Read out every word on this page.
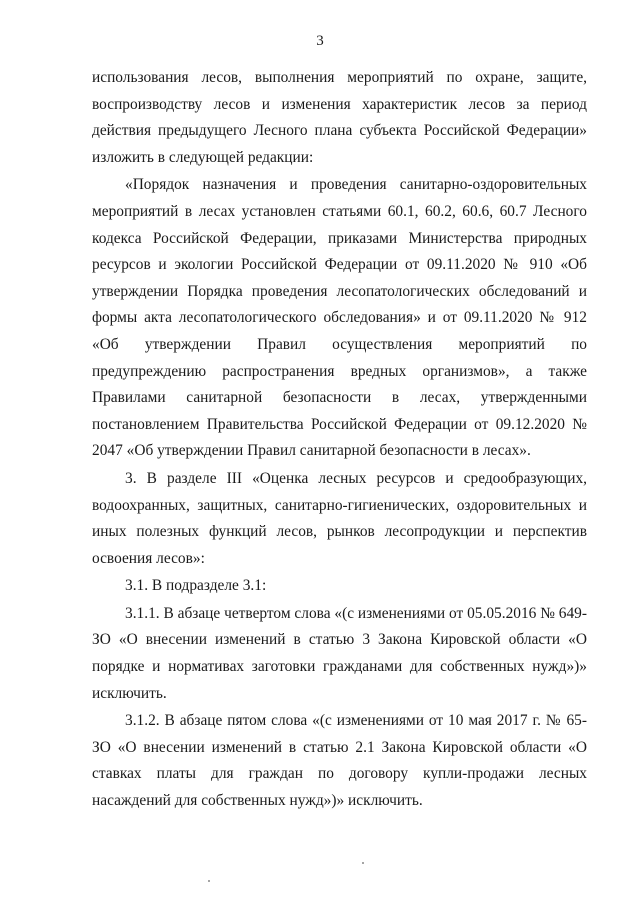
3

использования лесов, выполнения мероприятий по охране, защите, воспроизводству лесов и изменения характеристик лесов за период действия предыдущего Лесного плана субъекта Российской Федерации» изложить в следующей редакции:

«Порядок назначения и проведения санитарно-оздоровительных мероприятий в лесах установлен статьями 60.1, 60.2, 60.6, 60.7 Лесного кодекса Российской Федерации, приказами Министерства природных ресурсов и экологии Российской Федерации от 09.11.2020 № 910 «Об утверждении Порядка проведения лесопатологических обследований и формы акта лесопатологического обследования» и от 09.11.2020 № 912 «Об утверждении Правил осуществления мероприятий по предупреждению распространения вредных организмов», а также Правилами санитарной безопасности в лесах, утвержденными постановлением Правительства Российской Федерации от 09.12.2020 № 2047 «Об утверждении Правил санитарной безопасности в лесах».

3. В разделе III «Оценка лесных ресурсов и средообразующих, водоохранных, защитных, санитарно-гигиенических, оздоровительных и иных полезных функций лесов, рынков лесопродукции и перспектив освоения лесов»:

3.1. В подразделе 3.1:

3.1.1. В абзаце четвертом слова «(с изменениями от 05.05.2016 № 649-ЗО «О внесении изменений в статью 3 Закона Кировской области «О порядке и нормативах заготовки гражданами для собственных нужд»)» исключить.

3.1.2. В абзаце пятом слова «(с изменениями от 10 мая 2017 г. № 65-ЗО «О внесении изменений в статью 2.1 Закона Кировской области «О ставках платы для граждан по договору купли-продажи лесных насаждений для собственных нужд»)» исключить.
